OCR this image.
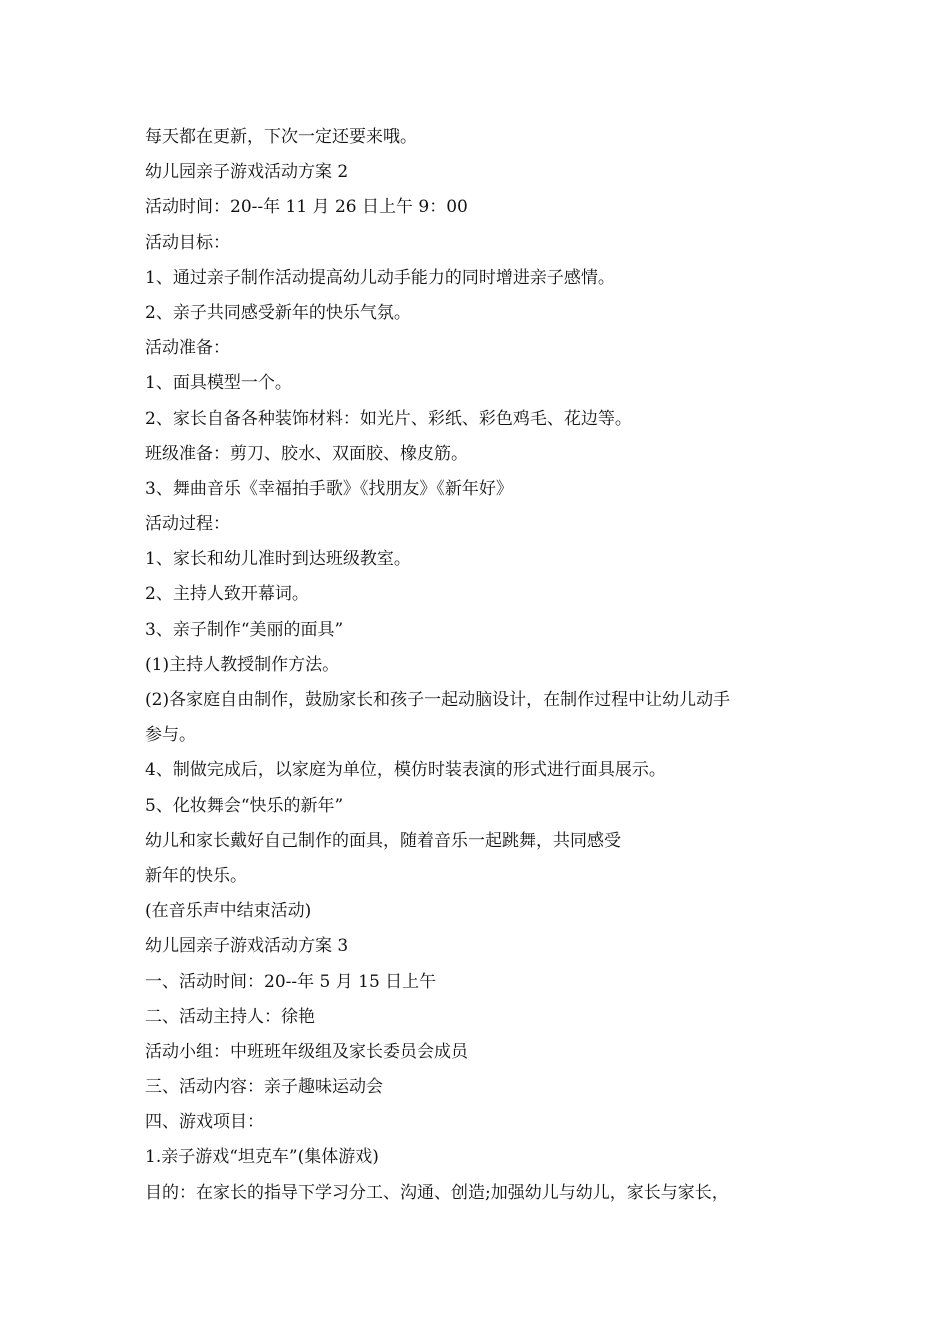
每天都在更新，下次一定还要来哦。

幼儿园亲子游戏活动方案 2

活动时间：20--年 11 月 26 日上午 9：00

活动目标：

1、通过亲子制作活动提高幼儿动手能力的同时增进亲子感情。

2、亲子共同感受新年的快乐气氛。

活动准备：

1、面具模型一个。

2、家长自备各种装饰材料：如光片、彩纸、彩色鸡毛、花边等。

班级准备：剪刀、胶水、双面胶、橡皮筋。

3、舞曲音乐《幸福拍手歌》《找朋友》《新年好》

活动过程：

1、家长和幼儿准时到达班级教室。

2、主持人致开幕词。

3、亲子制作“美丽的面具”

(1)主持人教授制作方法。

(2)各家庭自由制作，鼓励家长和孩子一起动脑设计，在制作过程中让幼儿动手

参与。

4、制做完成后，以家庭为单位，模仿时装表演的形式进行面具展示。

5、化妆舞会“快乐的新年”

幼儿和家长戴好自己制作的面具，随着音乐一起跳舞，共同感受

新年的快乐。

(在音乐声中结束活动)

幼儿园亲子游戏活动方案 3

一、活动时间：20--年 5 月 15 日上午

二、活动主持人：徐艳

活动小组：中班班年级组及家长委员会成员

三、活动内容：亲子趣味运动会

四、游戏项目：

1.亲子游戏“坦克车”(集体游戏)

目的：在家长的指导下学习分工、沟通、创造;加强幼儿与幼儿，家长与家长，
